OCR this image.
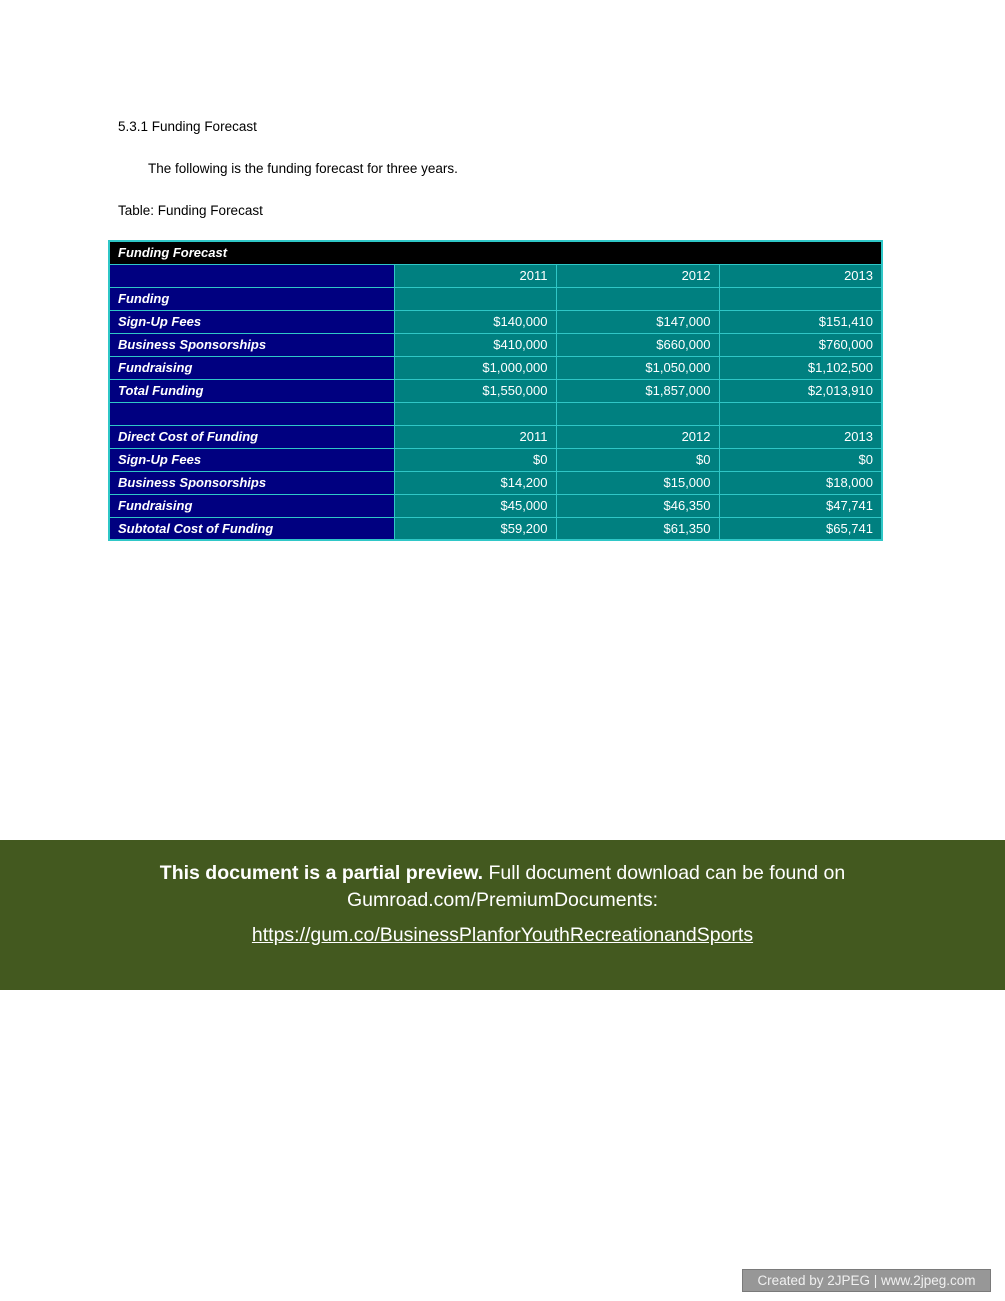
5.3.1 Funding Forecast
The following is the funding forecast for three years.
Table: Funding Forecast
Funding Forecast			
	2011	2012	2013
Funding			
Sign-Up Fees	$140,000	$147,000	$151,410
Business Sponsorships	$410,000	$660,000	$760,000
Fundraising	$1,000,000	$1,050,000	$1,102,500
Total Funding	$1,550,000	$1,857,000	$2,013,910

Direct Cost of Funding	2011	2012	2013
Sign-Up Fees	$0	$0	$0
Business Sponsorships	$14,200	$15,000	$18,000
Fundraising	$45,000	$46,350	$47,741
Subtotal Cost of Funding	$59,200	$61,350	$65,741

This document is a partial preview. Full document download can be found on Gumroad.com/PremiumDocuments:

https://gum.co/BusinessPlanforYouthRecreationandSports

Created by 2JPEG | www.2jpeg.com
